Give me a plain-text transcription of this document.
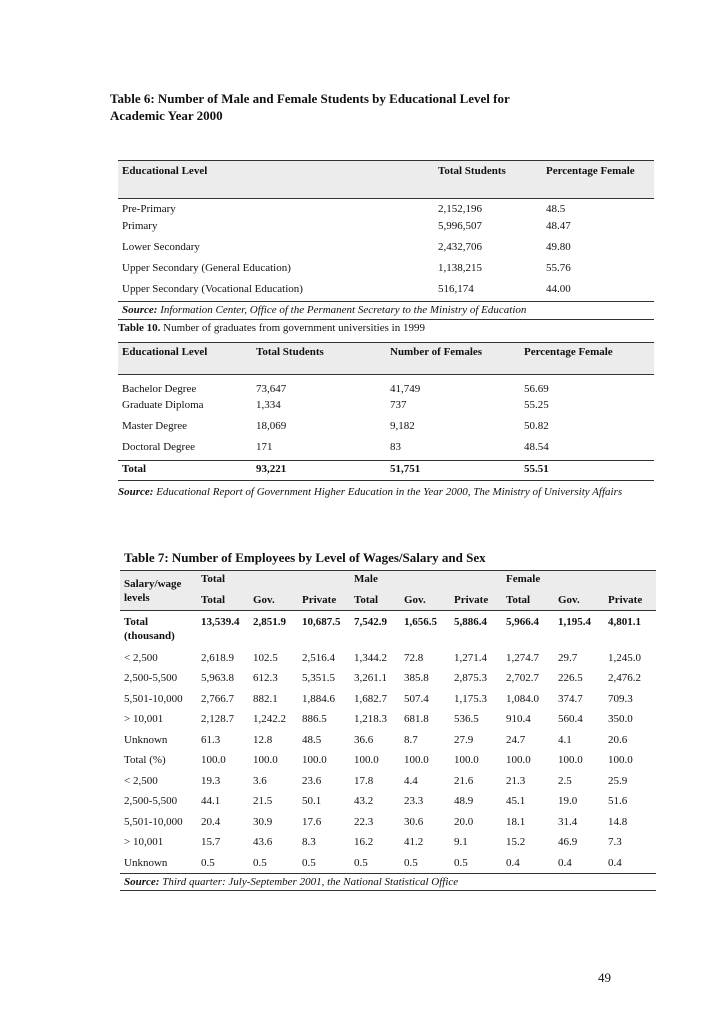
Table 6: Number of Male and Female Students by Educational Level for
Academic Year 2000
Educational Level	Total Students	Percentage Female
Pre-Primary	2,152,196	48.5
Primary	5,996,507	48.47
Lower Secondary	2,432,706	49.80
Upper Secondary (General Education)	1,138,215	55.76
Upper Secondary (Vocational Education)	516,174	44.00
Source: Information Center, Office of the Permanent Secretary to the Ministry of Education		
Table 10. Number of graduates from government universities in 1999
Educational Level	Total Students	Number of Females	Percentage Female
Bachelor Degree	73,647	41,749	56.69
Graduate Diploma	1,334	737	55.25
Master Degree	18,069	9,182	50.82
Doctoral Degree	171	83	48.54
Total	93,221	51,751	55.51
Source: Educational Report of Government Higher Education in the Year 2000, The Ministry of University Affairs
Table 7: Number of Employees by Level of Wages/Salary and Sex
Salary/wage levels	Total			Male			Female		
	Total	Gov.	Private	Total	Gov.	Private	Total	Gov.	Private
Total (thousand)	13,539.4	2,851.9	10,687.5	7,542.9	1,656.5	5,886.4	5,966.4	1,195.4	4,801.1
< 2,500	2,618.9	102.5	2,516.4	1,344.2	72.8	1,271.4	1,274.7	29.7	1,245.0
2,500-5,500	5,963.8	612.3	5,351.5	3,261.1	385.8	2,875.3	2,702.7	226.5	2,476.2
5,501-10,000	2,766.7	882.1	1,884.6	1,682.7	507.4	1,175.3	1,084.0	374.7	709.3
> 10,001	2,128.7	1,242.2	886.5	1,218.3	681.8	536.5	910.4	560.4	350.0
Unknown	61.3	12.8	48.5	36.6	8.7	27.9	24.7	4.1	20.6
Total (%)	100.0	100.0	100.0	100.0	100.0	100.0	100.0	100.0	100.0
< 2,500	19.3	3.6	23.6	17.8	4.4	21.6	21.3	2.5	25.9
2,500-5,500	44.1	21.5	50.1	43.2	23.3	48.9	45.1	19.0	51.6
5,501-10,000	20.4	30.9	17.6	22.3	30.6	20.0	18.1	31.4	14.8
> 10,001	15.7	43.6	8.3	16.2	41.2	9.1	15.2	46.9	7.3
Unknown	0.5	0.5	0.5	0.5	0.5	0.5	0.4	0.4	0.4
Source: Third quarter: July-September 2001, the National Statistical Office									
49
